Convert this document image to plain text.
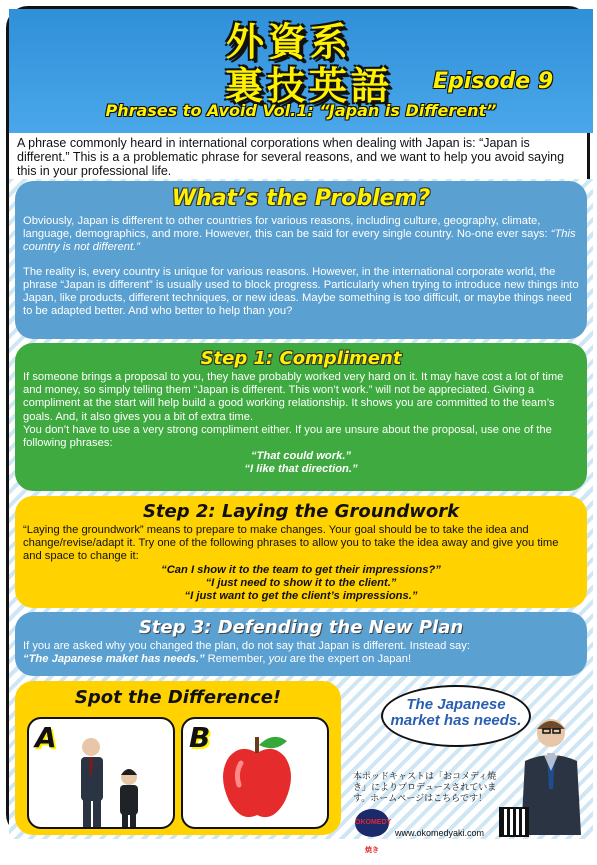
外資系
裏技英語	Episode 9
Phrases to Avoid Vol.1: “Japan is Different”
A phrase commonly heard in international corporations when dealing with Japan is: “Japan is different.” This is a a problematic phrase for several reasons, and we want to help you avoid saying this in your professional life.
What’s the Problem?

Obviously, Japan is different to other countries for various reasons, including culture, geography, climate, language, demographics, and more. However, this can be said for every single country. No-one ever says: “This country is not different.”

The reality is, every country is unique for various reasons. However, in the international corporate world, the phrase “Japan is different” is usually used to block progress. Particularly when trying to introduce new things into Japan, like products, different techniques, or new ideas. Maybe something is too difficult, or maybe things need to be adapted better. And who better to help than you?

Step 1: Compliment

If someone brings a proposal to you, they have probably worked very hard on it. It may have cost a lot of time and money, so simply telling them “Japan is different. This won’t work.” will not be appreciated. Giving a compliment at the start will help build a good working relationship. It shows you are committed to the team’s goals. And, it also gives you a bit of extra time.

You don’t have to use a very strong compliment either. If you are unsure about the proposal, use one of the following phrases:

“That could work.”

“I like that direction.”

Step 2: Laying the Groundwork

“Laying the groundwork” means to prepare to make changes. Your goal should be to take the idea and change/revise/adapt it. Try one of the following phrases to allow you to take the idea away and give you time and space to change it:

“Can I show it to the team to get their impressions?”

“I just need to show it to the client.”

“I just want to get the client’s impressions.”

Step 3: Defending the New Plan

If you are asked why you changed the plan, do not say that Japan is different. Instead say:

“The Japanese maket has needs.” Remember, you are the expert on Japan!

Spot the Difference!
A	B
The Japanese market has needs.
本ポッドキャストは「おコメディ焼き」によりプロデュースされています。ホームページはこちらです！
OKOMEDY 焼き
www.okomedyaki.com
